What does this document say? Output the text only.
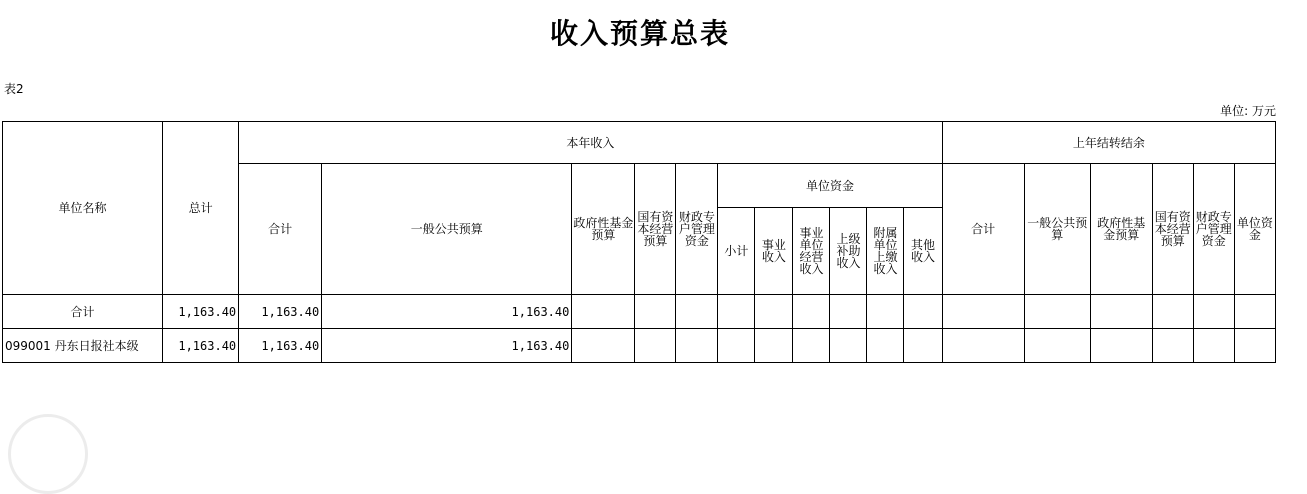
收入预算总表
表2
单位: 万元
单位名称	总计	本年收入											上年结转结余					
		合计	一般公共预算	政府性基金预算	国有资本经营预算	财政专户管理资金	单位资金						合计	一般公共预算	政府性基金预算	国有资本经营预算	财政专户管理资金	单位资金
							小计	事业收入	事业单位经营收入	上级补助收入	附属单位上缴收入	其他收入						
合计	1,163.40	1,163.40	1,163.40															
099001 丹东日报社本级	1,163.40	1,163.40	1,163.40															
